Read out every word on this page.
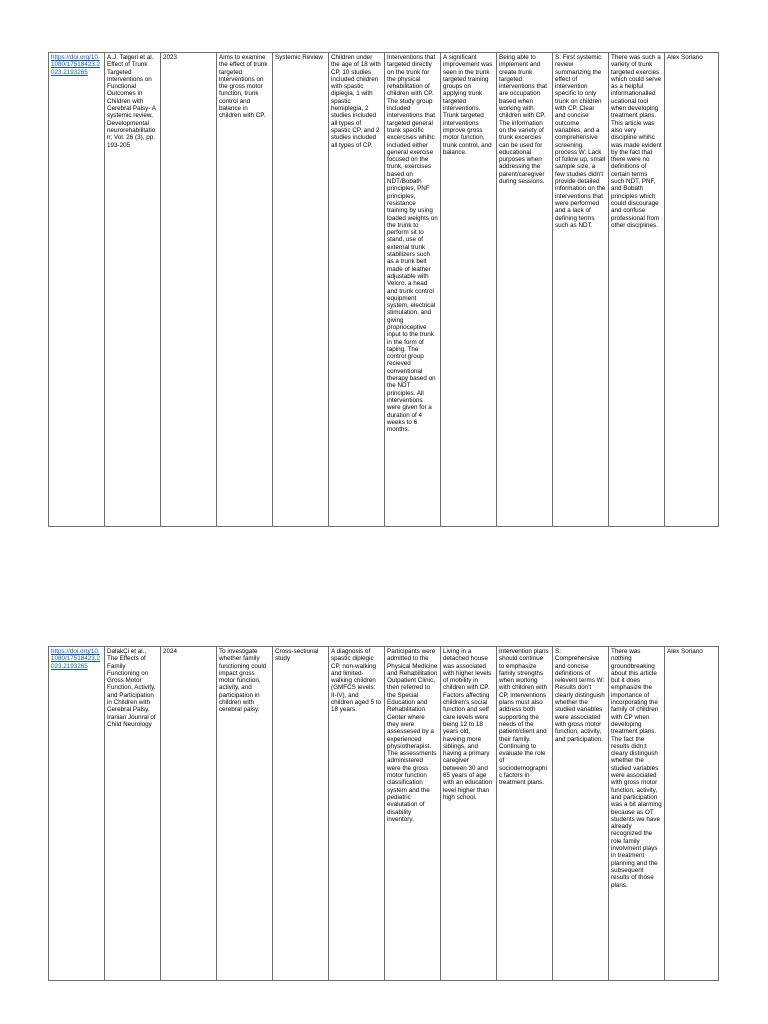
https://doi.org/10.1080/17518423.2023.2193265	A.J. Talgeri et al. Effect of Trunk Targeted Interventions on Functional Outcomes in Children with Cerebral Palsy- A systemic review, Developmental neurorehabilitation; Vol. 26 (3), pp. 193-205	2023	Aims to examine the effect of trunk targeted interventions on the gross motor function, trunk control and balance in children with CP.	Systemic Review	Children under the age of 18 with CP, 10 studies included children with spastic diplegia, 1 with spastic hemiplegia, 2 studies included all types of spastic CP, and 2 studies included all types of CP.	Interventions that targeted directly on the trunk for the physical rehabilitation of children with CP. The study group included interventions that targeted general trunk specific excercises whihc included either general exercise focused on the trunk, exercises based on NDT/Bobath principles, PNF principles, resistance training by using loaded weights on the trunk to perform sit to stand, use of external trunk stabilizers such as a trunk belt made of leather adjustable with Velcro, a head and trunk control equipment system, electrical stimulation, and giving proprioceptive input to the trunk in the form of taping. The control group recieved conventional therapy based on the NDT principles. All interventions were given for a duration of 4 weeks to 6 months.	A significant improvement was seen in the trunk targeted training groups on applying trunk targeted interventions. Trunk targeted interventions improve gross motor function, trunk control, and balance.	Being able to implement and create trunk targeted interventions that are occupation based when working with children with CP. The information on the variety of trunk excercies can be used for educational purposes when addressing the parent/caregiver during sessions.	S: First systemic review summarizing the effect of intervention specific to only trunk on children with CP. Clear and concise outcome variables, and a comprehensive screening process W: Lack of follow up, small sample size, a few studies didn't provide detailed information on the interventions that were performed and a lack of defining terms such as NDT.	There was such a variety of trunk targeted exercies which could serve as a helpful informationalled ucational tool when developing treatment plans. This article was also very discipline whihc was made evident by the fact that there were no definitions of certain terms such NDT, PNF, and Bobath principles which could discourage and confuse professional from other disciplines.	Alex Soriano
https://doi.org/10.1080/17518423.2023.2193265	DalakÇi et al., The Effects of Family Functioning on Gross Motor Function, Activity, and Participation in Children with Cerebral Palsy, Iranian Jounral of Child Neurology	2024	To investigate whether family functioning could impact gross motor function, activity, and participation in children with cerebral palsy.	Cross-sectional study	A diagnosis of spastic diplegic CP, non-walking and limited-walking children (GMFCS levels: II-IV), and children aged 5 to 18 years.	Participants were admitted to the Physical Medicine and Rehabilitation Outpatient Clinic, then referred to the Special Education and Rehabilitation Center where they were assessesed by a experienced physiotherapist. The assessments administered were the gross motor function classification system and the pediatric evalutation of disability inventory.	Living in a detached house was associated with higher levels of mobility in children with CP. Factors affecting children's social function and self care levels were being 12 to 18 years old, haveing more siblings, and having a primary caregiver between 30 and 65 years of age with an education level higher than high school.	Intervention plans should continue to emphasize family strengths when working with children with CP, interventions plans must also address both supporting the needs of the patient/client and their family. Continuing to evaluate the role of sociodemographic factors in treatment plans.	S: Comprehensive and concise definitions of relevent terms W: Results don't clearly distinguish whether the studied variables were associated with gross motor function, activity, and participation.	There was nothing groundbreaking about this article but it does emphasize the importance of incorporating the family of children with CP when developing treatment plans. The fact the results didn;t cleary distingush whether the studied variables were associated with gross motor function, activity, and participation was a bit alarming because as OT students we have already recognized the role family involvment plays in treatment planning and the subsequent results of those plans.	Alex Soriano
